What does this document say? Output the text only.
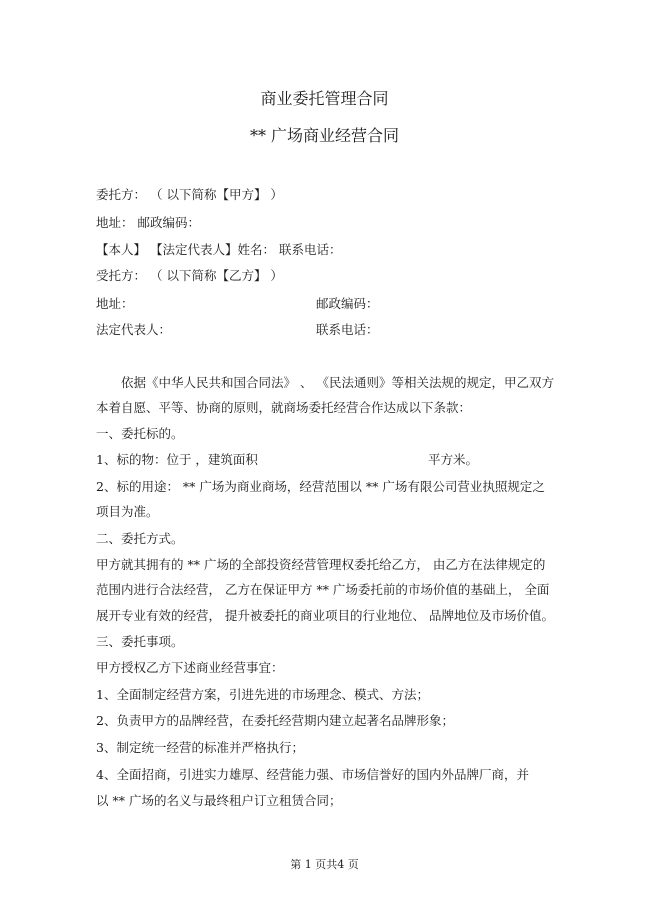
商业委托管理合同
** 广场商业经营合同
委托方： （ 以下简称【甲方】 ）
地址： 邮政编码：
【本人】 【法定代表人】姓名： 联系电话：
受托方： （ 以下简称【乙方】 ）
地址：	邮政编码：
法定代表人：	联系电话：
依据《中华人民共和国合同法》 、 《民法通则》等相关法规的规定，甲乙双方
本着自愿、平等、协商的原则，就商场委托经营合作达成以下条款：
一、委托标的。
1、标的物：位于 ，建筑面积	平方米。
2、标的用途： ** 广场为商业商场，经营范围以 ** 广场有限公司营业执照规定之
项目为准。
二、委托方式。
甲方就其拥有的 ** 广场的全部投资经营管理权委托给乙方， 由乙方在法律规定的
范围内进行合法经营， 乙方在保证甲方 ** 广场委托前的市场价值的基础上， 全面
展开专业有效的经营， 提升被委托的商业项目的行业地位、 品牌地位及市场价值。
三、委托事项。
甲方授权乙方下述商业经营事宜：
1、全面制定经营方案，引进先进的市场理念、模式、方法；
2、负责甲方的品牌经营，在委托经营期内建立起著名品牌形象；
3、制定统一经营的标准并严格执行；
4、全面招商，引进实力雄厚、经营能力强、市场信誉好的国内外品牌厂商，并
以 ** 广场的名义与最终租户订立租赁合同；
第 1 页共4 页
